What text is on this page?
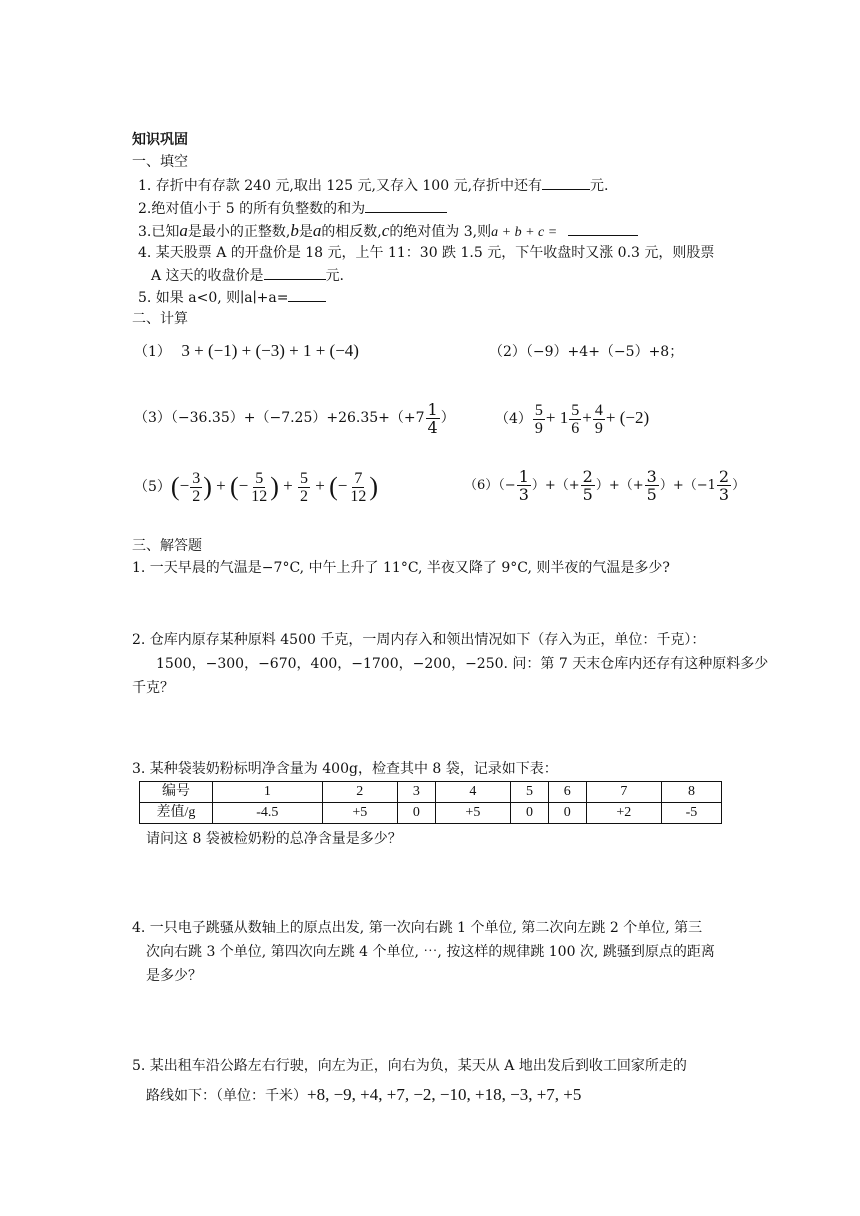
知识巩固
一、填空
1. 存折中有存款 240 元,取出 125 元,又存入 100 元,存折中还有	元.
2.绝对值小于 5 的所有负整数的和为
3.已知a是最小的正整数,b是a的相反数,c的绝对值为 3,则a + b + c =
4. 某天股票 A 的开盘价是 18 元，上午 11：30 跌 1.5 元，下午收盘时又涨 0.3 元，则股票
A 这天的收盘价是	元.
5. 如果 a<0, 则∣a∣+a=
二、计算
（1） 3 + (−1) + (−3) + 1 + (−4)	（2）（−9）+4+（−5）+8；
$(3)(-36.35)+(-7.25)+26.35+(+7 \frac{1}{4}$ ）	$(4) \frac{5}{9} + 1 \frac{5}{6} + \frac{4}{9} + (-2)$
$(5)(- \frac{3}{2}$ ) + (− $\frac{5}{12}$ ) + $\frac{5}{2}$ + (− $\frac{7}{12}$ )	$(6)(- \frac{1}{3}$ ）+（+ $\frac{2}{5}$ ）+（+ $\frac{3}{5} )+(-1 \frac{2}{3}$ ）
三、解答题
1. 一天早晨的气温是−7°C, 中午上升了 11°C, 半夜又降了 9°C, 则半夜的气温是多少?
2. 仓库内原存某种原料 4500 千克，一周内存入和领出情况如下（存入为正，单位：千克）：
1500，−300，−670，400，−1700，−200，−250. 问：第 7 天末仓库内还存有这种原料多少
千克？
3. 某种袋装奶粉标明净含量为 400g，检查其中 8 袋，记录如下表：
编号	1	2	3	4	5	6	7	8
差值/g	-4.5	+5	0	+5	0	0	+2	-5
请问这 8 袋被检奶粉的总净含量是多少？
4. 一只电子跳骚从数轴上的原点出发, 第一次向右跳 1 个单位, 第二次向左跳 2 个单位, 第三
次向右跳 3 个单位, 第四次向左跳 4 个单位, ⋯, 按这样的规律跳 100 次, 跳骚到原点的距离
是多少？
5. 某出租车沿公路左右行驶，向左为正，向右为负，某天从 A 地出发后到收工回家所走的
路线如下：（单位：千米）+8, −9, +4, +7, −2, −10, +18, −3, +7, +5
